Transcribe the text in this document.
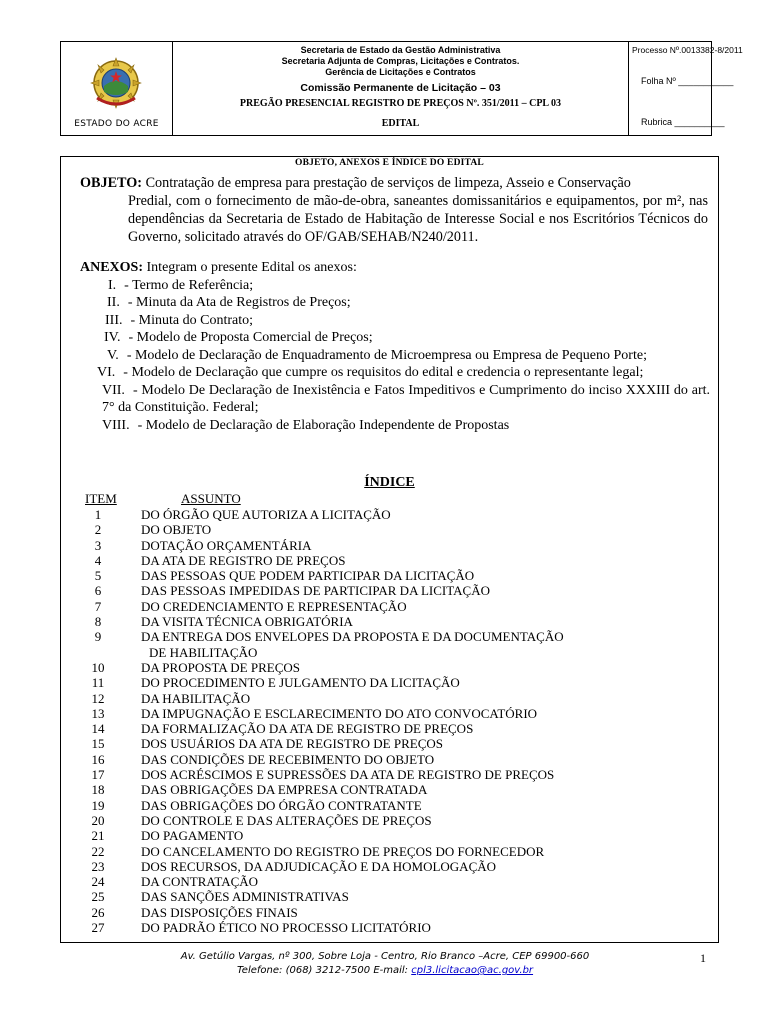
ESTADO DO ACRE
Secretaria de Estado da Gestão Administrativa
Secretaria Adjunta de Compras, Licitações e Contratos.
Gerência de Licitações e Contratos
Comissão Permanente de Licitação – 03
PREGÃO PRESENCIAL REGISTRO DE PREÇOS Nº. 351/2011 – CPL 03
EDITAL
Processo Nº.0013382-8/2011
Folha Nº ___________
Rubrica __________
OBJETO, ANEXOS E ÍNDICE DO EDITAL
OBJETO: Contratação de empresa para prestação de serviços de limpeza, Asseio e Conservação
Predial, com o fornecimento de mão-de-obra, saneantes domissanitários e equipamentos, por m², nas dependências da Secretaria de Estado de Habitação de Interesse Social e nos Escritórios Técnicos do Governo, solicitado através do OF/GAB/SEHAB/N240/2011.
ANEXOS: Integram o presente Edital os anexos:
I. - Termo de Referência;
II. - Minuta da Ata de Registros de Preços;
III. - Minuta do Contrato;
IV. - Modelo de Proposta Comercial de Preços;
V. - Modelo de Declaração de Enquadramento de Microempresa ou Empresa de Pequeno Porte;
VI. - Modelo de Declaração que cumpre os requisitos do edital e credencia o representante legal;
VII. - Modelo De Declaração de Inexistência e Fatos Impeditivos e Cumprimento do inciso XXXIII do art. 7° da Constituição. Federal;
VIII. - Modelo de Declaração de Elaboração Independente de Propostas
ÍNDICE
ITEM	ASSUNTO
1	DO ÓRGÃO QUE AUTORIZA A LICITAÇÃO
2	DO OBJETO
3	DOTAÇÃO ORÇAMENTÁRIA
4	DA ATA DE REGISTRO DE PREÇOS
5	DAS PESSOAS QUE PODEM PARTICIPAR DA LICITAÇÃO
6	DAS PESSOAS IMPEDIDAS DE PARTICIPAR DA LICITAÇÃO
7	DO CREDENCIAMENTO E REPRESENTAÇÃO
8	DA VISITA TÉCNICA OBRIGATÓRIA
9	DA ENTREGA DOS ENVELOPES DA PROPOSTA E DA DOCUMENTAÇÃO
DE HABILITAÇÃO
10	DA PROPOSTA DE PREÇOS
11	DO PROCEDIMENTO E JULGAMENTO DA LICITAÇÃO
12	DA HABILITAÇÃO
13	DA IMPUGNAÇÃO E ESCLARECIMENTO DO ATO CONVOCATÓRIO
14	DA FORMALIZAÇÃO DA ATA DE REGISTRO DE PREÇOS
15	DOS USUÁRIOS DA ATA DE REGISTRO DE PREÇOS
16	DAS CONDIÇÕES DE RECEBIMENTO DO OBJETO
17	DOS ACRÉSCIMOS E SUPRESSÕES DA ATA DE REGISTRO DE PREÇOS
18	DAS OBRIGAÇÕES DA EMPRESA CONTRATADA
19	DAS OBRIGAÇÕES DO ÓRGÃO CONTRATANTE
20	DO CONTROLE E DAS ALTERAÇÕES DE PREÇOS
21	DO PAGAMENTO
22	DO CANCELAMENTO DO REGISTRO DE PREÇOS DO FORNECEDOR
23	DOS RECURSOS, DA ADJUDICAÇÃO E DA HOMOLOGAÇÃO
24	DA CONTRATAÇÃO
25	DAS SANÇÕES ADMINISTRATIVAS
26	DAS DISPOSIÇÕES FINAIS
27	DO PADRÃO ÉTICO NO PROCESSO LICITATÓRIO
Av. Getúlio Vargas, nº 300, Sobre Loja - Centro, Rio Branco –Acre, CEP 69900-660
Telefone: (068) 3212-7500 E-mail: cpl3.licitacao@ac.gov.br
1
